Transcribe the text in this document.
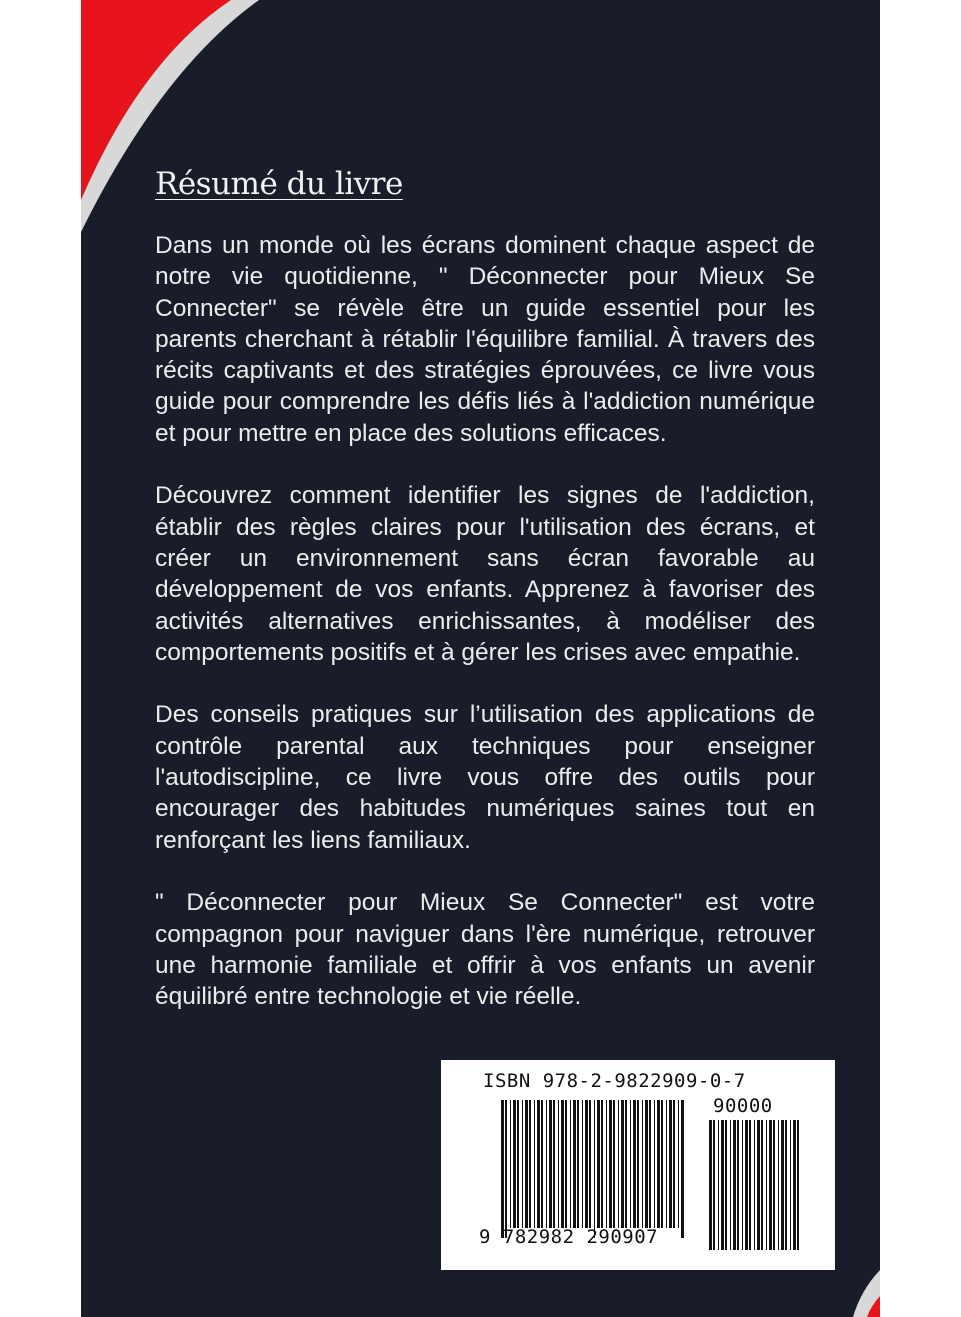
Résumé du livre

Dans un monde où les écrans dominent chaque aspect de notre vie quotidienne, " Déconnecter pour Mieux Se Connecter" se révèle être un guide essentiel pour les parents cherchant à rétablir l'équilibre familial. À travers des récits captivants et des stratégies éprouvées, ce livre vous guide pour comprendre les défis liés à l'addiction numérique et pour mettre en place des solutions efficaces.

Découvrez comment identifier les signes de l'addiction, établir des règles claires pour l'utilisation des écrans, et créer un environnement sans écran favorable au développement de vos enfants. Apprenez à favoriser des activités alternatives enrichissantes, à modéliser des comportements positifs et à gérer les crises avec empathie.

Des conseils pratiques sur l’utilisation des applications de contrôle parental aux techniques pour enseigner l'autodiscipline, ce livre vous offre des outils pour encourager des habitudes numériques saines tout en renforçant les liens familiaux.

" Déconnecter pour Mieux Se Connecter" est votre compagnon pour naviguer dans l'ère numérique, retrouver une harmonie familiale et offrir à vos enfants un avenir équilibré entre technologie et vie réelle.

ISBN 978-2-9822909-0-7

90000

9 782982 290907
